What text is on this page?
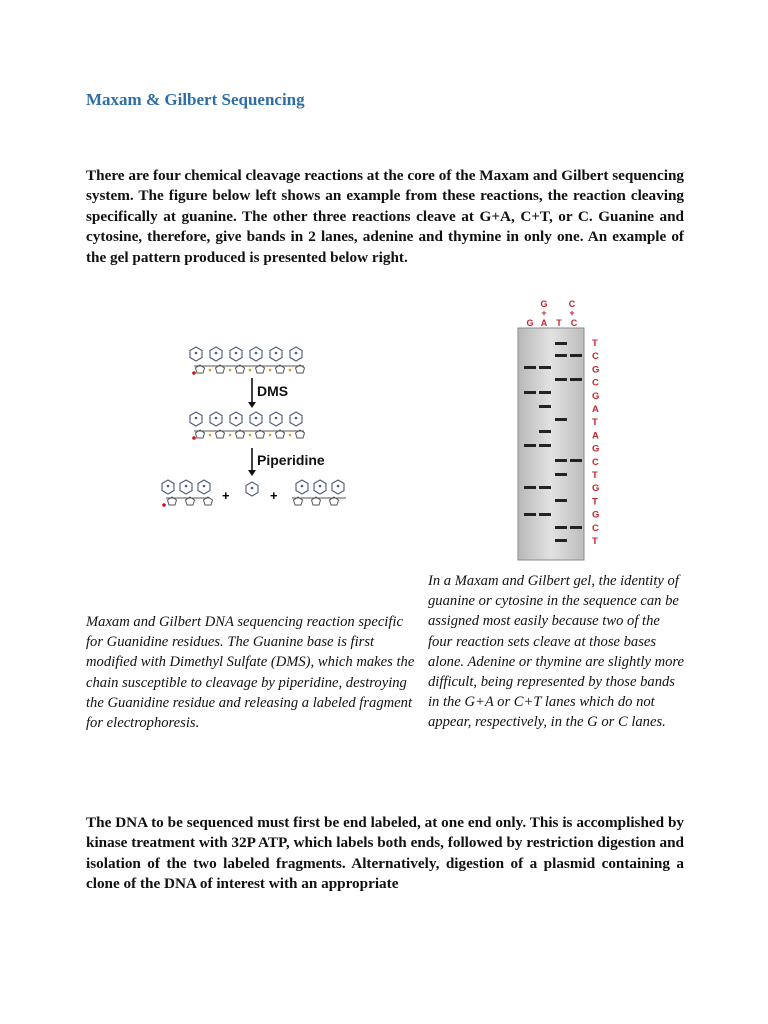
Maxam & Gilbert Sequencing

There are four chemical cleavage reactions at the core of the Maxam and Gilbert sequencing system. The figure below left shows an example from these reactions, the reaction cleaving specifically at guanine. The other three reactions cleave at G+A, C+T, or C. Guanine and cytosine, therefore, give bands in 2 lanes, adenine and thymine in only one. An example of the gel pattern produced is presented below right.

DMS
Piperidine
+	+
G
+
C
+
G A T C
T
C
G
C
G
A
T
A
G
C
T
G
T
G
C
T

Maxam and Gilbert DNA sequencing reaction specific for Guanidine residues. The Guanine base is first modified with Dimethyl Sulfate (DMS), which makes the chain susceptible to cleavage by piperidine, destroying the Guanidine residue and releasing a labeled fragment for electrophoresis.

In a Maxam and Gilbert gel, the identity of guanine or cytosine in the sequence can be assigned most easily because two of the four reaction sets cleave at those bases alone. Adenine or thymine are slightly more difficult, being represented by those bands in the G+A or C+T lanes which do not appear, respectively, in the G or C lanes.

The DNA to be sequenced must first be end labeled, at one end only. This is accomplished by kinase treatment with 32P ATP, which labels both ends, followed by restriction digestion and isolation of the two labeled fragments. Alternatively, digestion of a plasmid containing a clone of the DNA of interest with an appropriate
